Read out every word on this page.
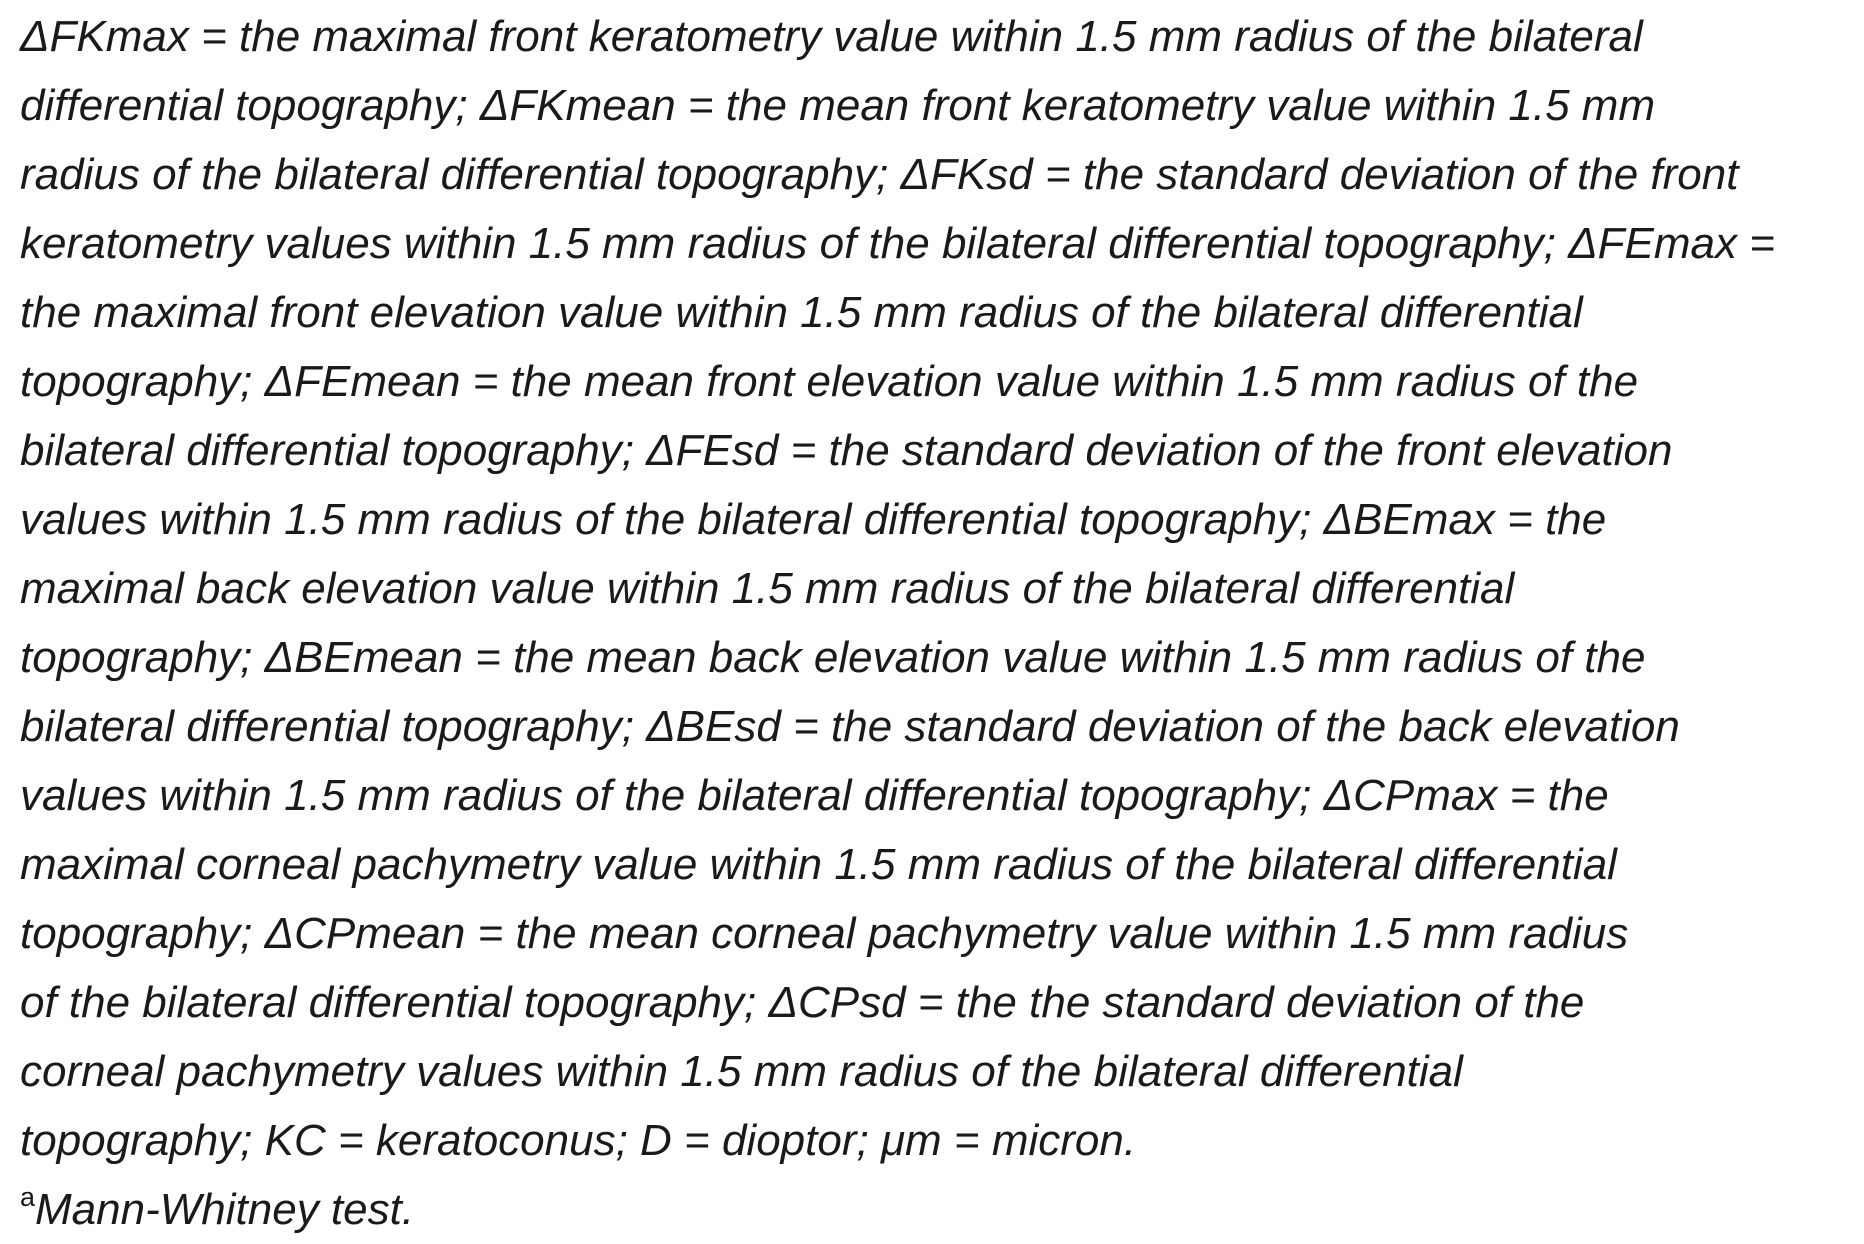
ΔFKmax = the maximal front keratometry value within 1.5 mm radius of the bilateral
differential topography; ΔFKmean = the mean front keratometry value within 1.5 mm
radius of the bilateral differential topography; ΔFKsd = the standard deviation of the front
keratometry values within 1.5 mm radius of the bilateral differential topography; ΔFEmax =
the maximal front elevation value within 1.5 mm radius of the bilateral differential
topography; ΔFEmean = the mean front elevation value within 1.5 mm radius of the
bilateral differential topography; ΔFEsd = the standard deviation of the front elevation
values within 1.5 mm radius of the bilateral differential topography; ΔBEmax = the
maximal back elevation value within 1.5 mm radius of the bilateral differential
topography; ΔBEmean = the mean back elevation value within 1.5 mm radius of the
bilateral differential topography; ΔBEsd = the standard deviation of the back elevation
values within 1.5 mm radius of the bilateral differential topography; ΔCPmax = the
maximal corneal pachymetry value within 1.5 mm radius of the bilateral differential
topography; ΔCPmean = the mean corneal pachymetry value within 1.5 mm radius
of the bilateral differential topography; ΔCPsd = the the standard deviation of the
corneal pachymetry values within 1.5 mm radius of the bilateral differential
topography; KC = keratoconus; D = dioptor; μm = micron.
$^a$Mann-Whitney test.
